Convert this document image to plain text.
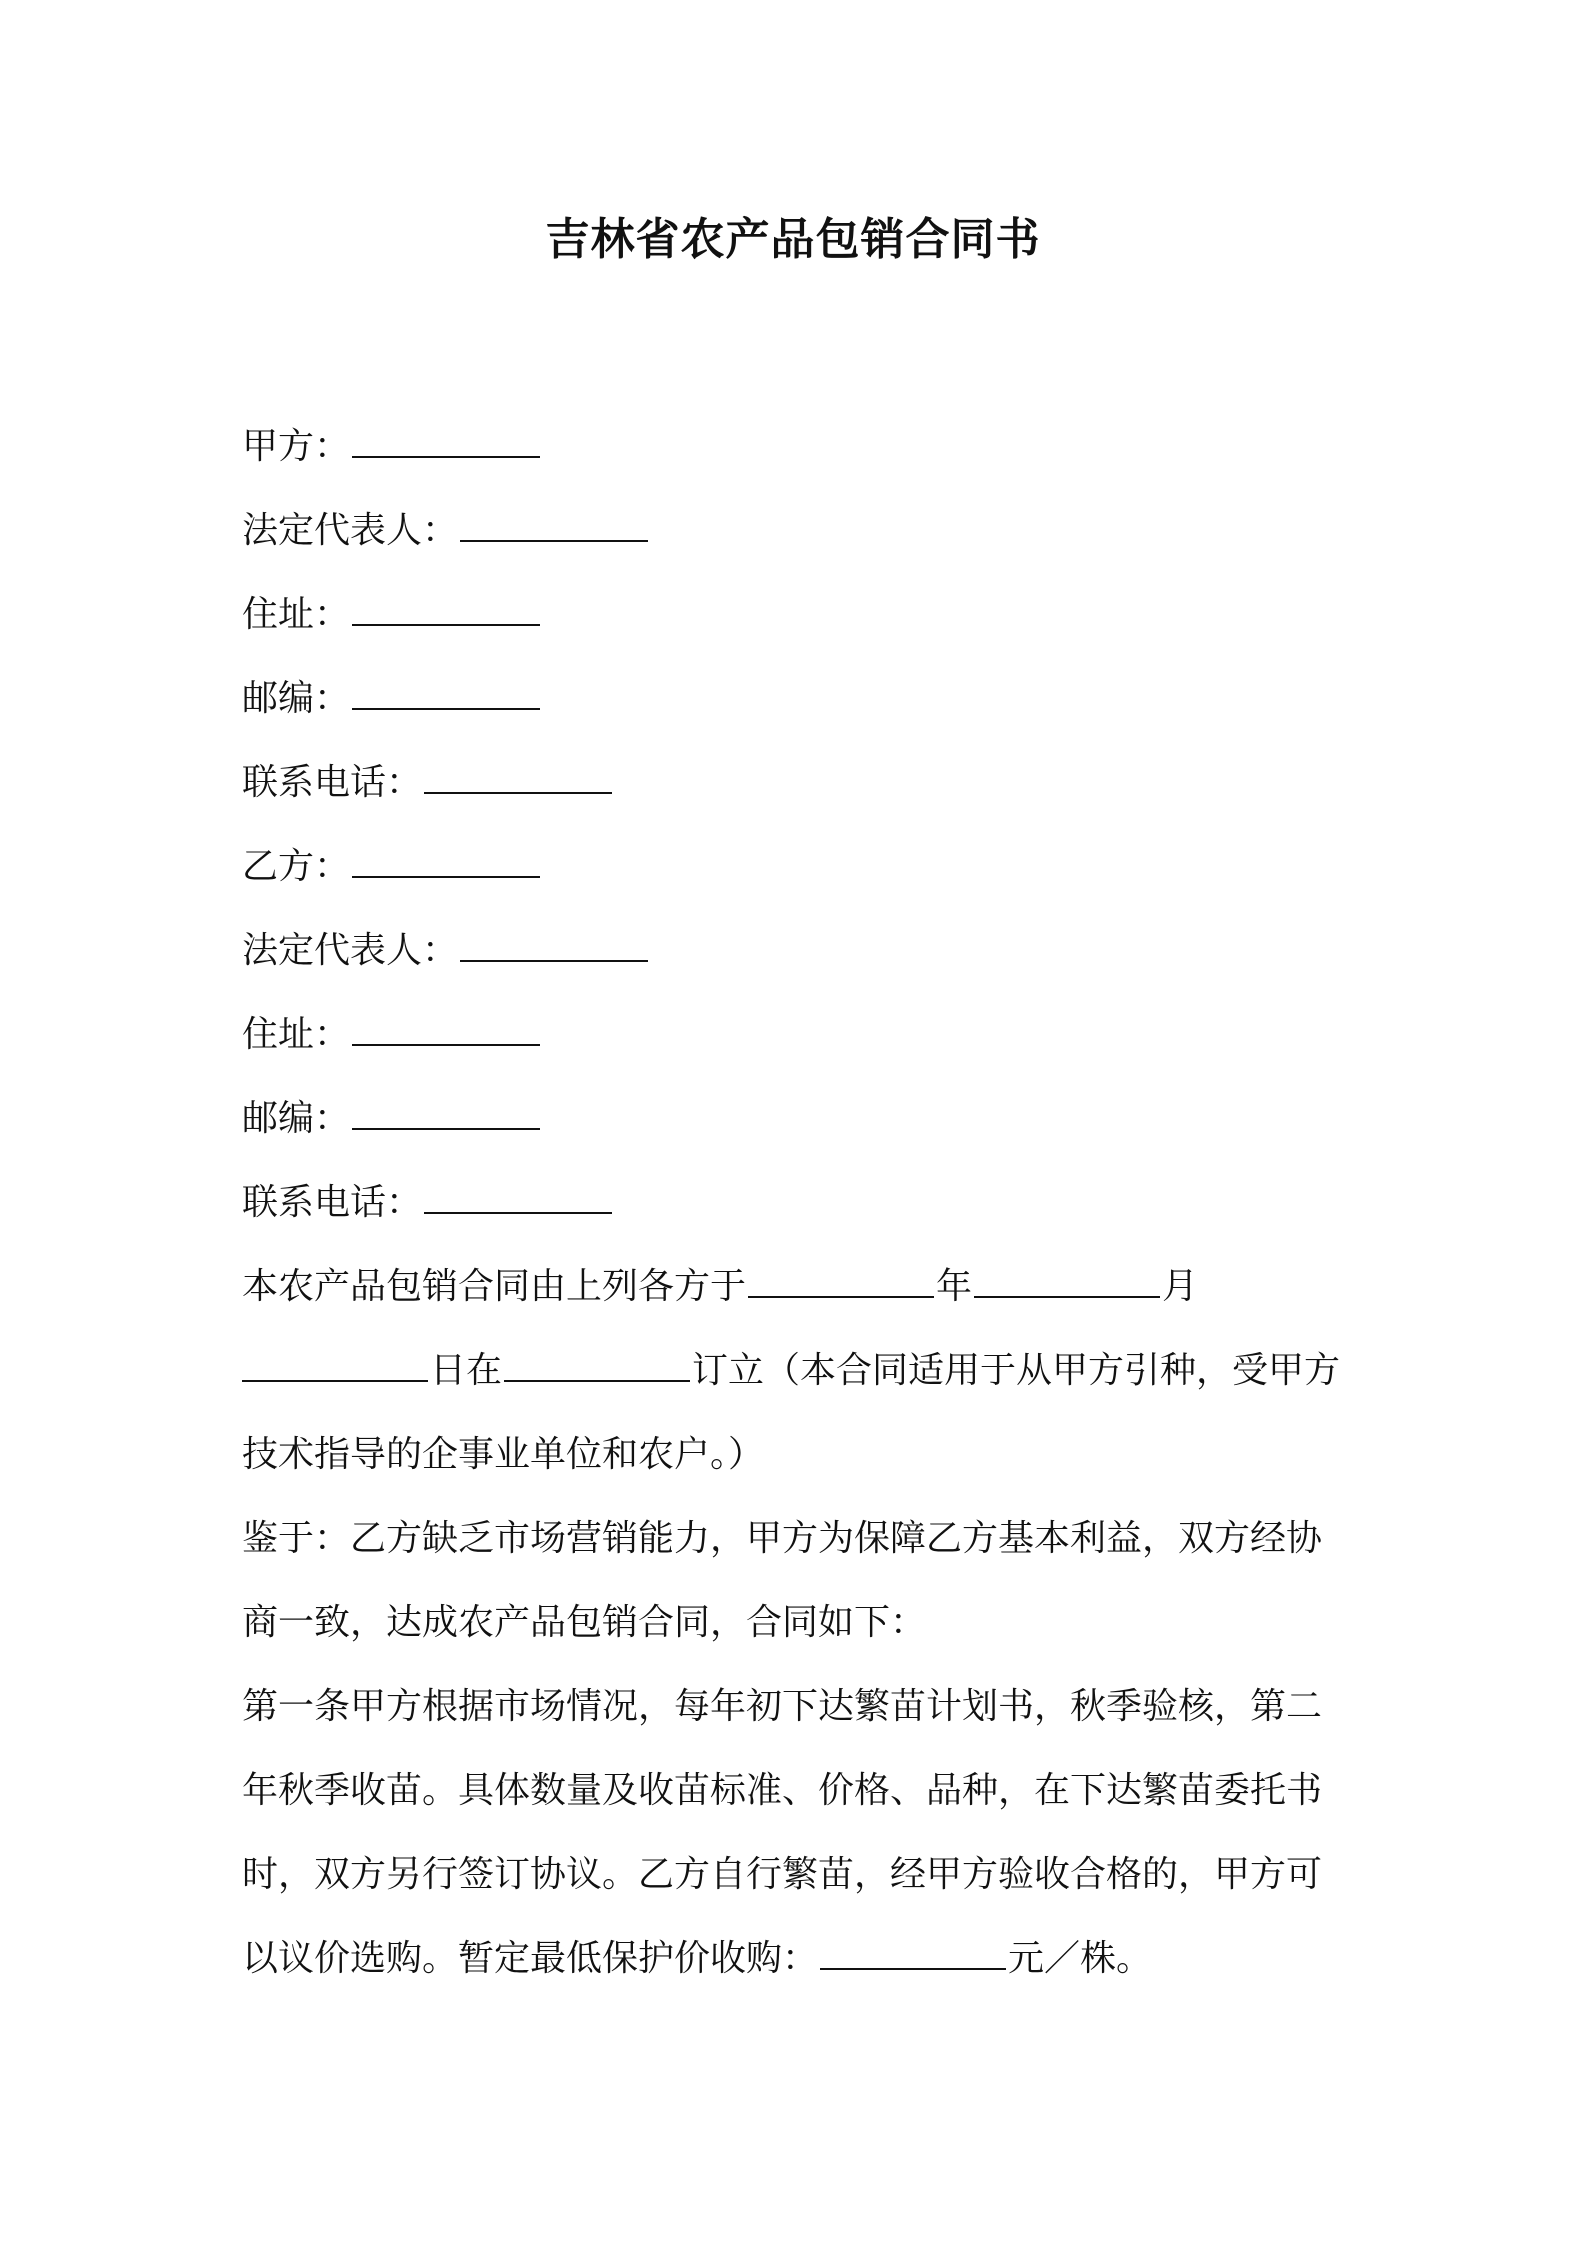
吉林省农产品包销合同书
甲方：
法定代表人：
住址：
邮编：
联系电话：
乙方：
法定代表人：
住址：
邮编：
联系电话：
本农产品包销合同由上列各方于	年	月
日在	订立（本合同适用于从甲方引种，受甲方
技术指导的企事业单位和农户。）
鉴于：乙方缺乏市场营销能力，甲方为保障乙方基本利益，双方经协
商一致，达成农产品包销合同，合同如下：
第一条甲方根据市场情况，每年初下达繁苗计划书，秋季验核，第二
年秋季收苗。具体数量及收苗标准、价格、品种，在下达繁苗委托书
时，双方另行签订协议。乙方自行繁苗，经甲方验收合格的，甲方可
以议价选购。暂定最低保护价收购：	元／株。
